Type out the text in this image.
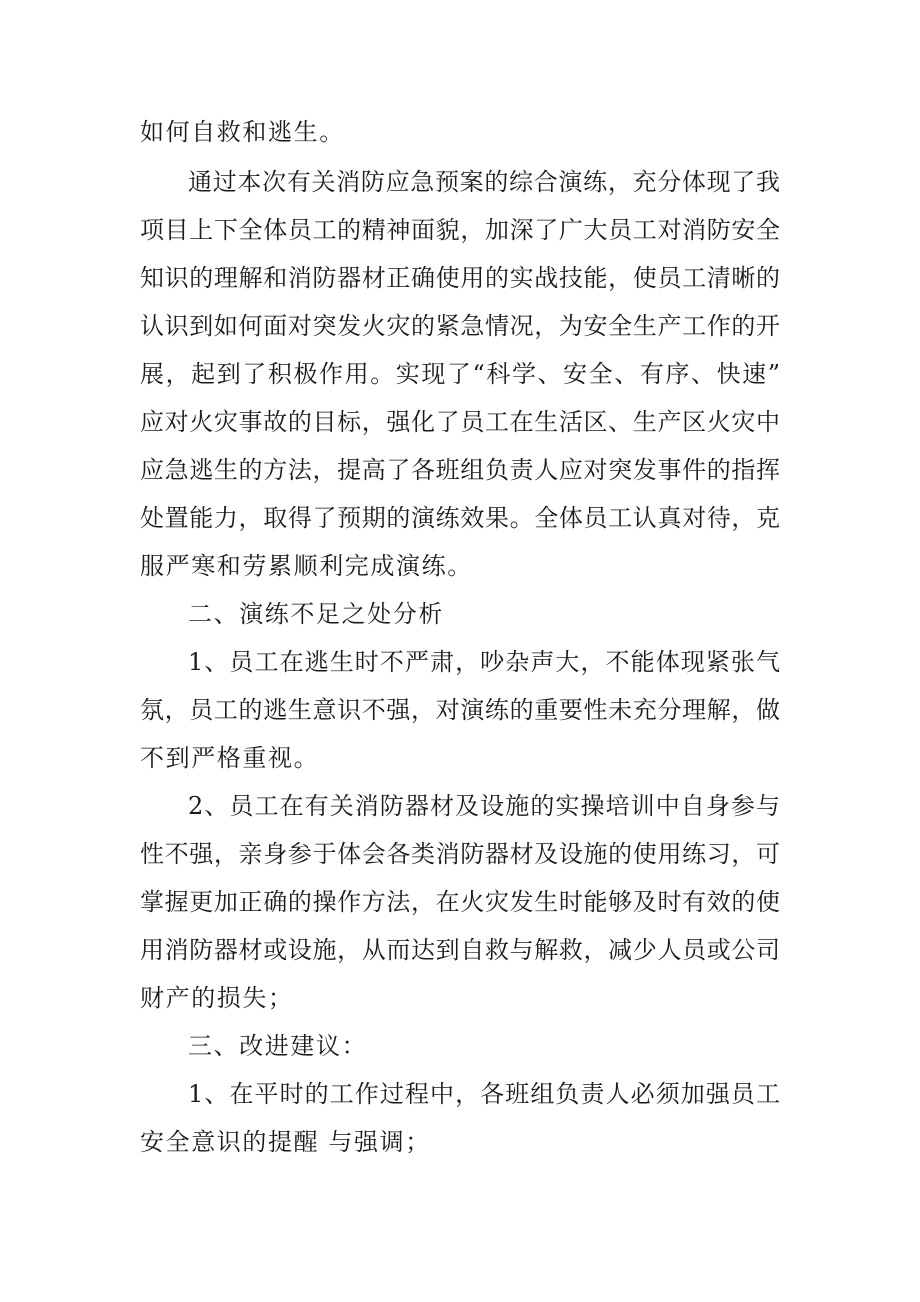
如何自救和逃生。
通过本次有关消防应急预案的综合演练，充分体现了我
项目上下全体员工的精神面貌，加深了广大员工对消防安全
知识的理解和消防器材正确使用的实战技能，使员工清晰的
认识到如何面对突发火灾的紧急情况，为安全生产工作的开
展，起到了积极作用。实现了“科学、安全、有序、快速”
应对火灾事故的目标，强化了员工在生活区、生产区火灾中
应急逃生的方法，提高了各班组负责人应对突发事件的指挥
处置能力，取得了预期的演练效果。全体员工认真对待，克
服严寒和劳累顺利完成演练。
二、演练不足之处分析
1、员工在逃生时不严肃，吵杂声大，不能体现紧张气
氛，员工的逃生意识不强，对演练的重要性未充分理解，做
不到严格重视。
2、员工在有关消防器材及设施的实操培训中自身参与
性不强，亲身参于体会各类消防器材及设施的使用练习，可
掌握更加正确的操作方法，在火灾发生时能够及时有效的使
用消防器材或设施，从而达到自救与解救，减少人员或公司
财产的损失；
三、改进建议：
1、在平时的工作过程中，各班组负责人必须加强员工
安全意识的提醒 与强调；
